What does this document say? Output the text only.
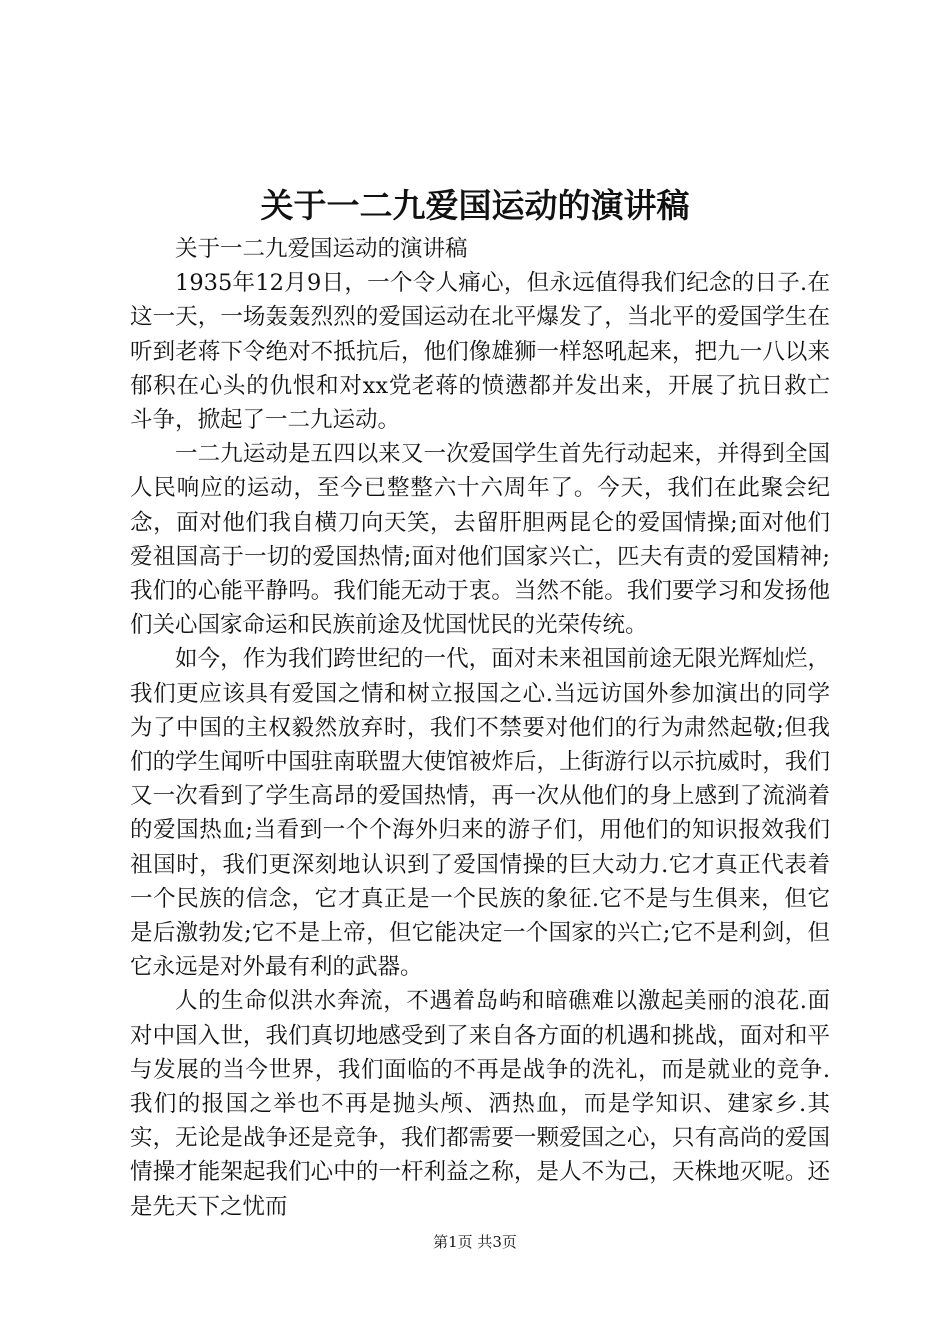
关于一二九爱国运动的演讲稿

关于一二九爱国运动的演讲稿

1935年12月9日，一个令人痛心，但永远值得我们纪念的日子.在这一天，一场轰轰烈烈的爱国运动在北平爆发了，当北平的爱国学生在听到老蒋下令绝对不抵抗后，他们像雄狮一样怒吼起来，把九一八以来郁积在心头的仇恨和对xx党老蒋的愤懑都并发出来，开展了抗日救亡斗争，掀起了一二九运动。

一二九运动是五四以来又一次爱国学生首先行动起来，并得到全国人民响应的运动，至今已整整六十六周年了。今天，我们在此聚会纪念，面对他们我自横刀向天笑，去留肝胆两昆仑的爱国情操;面对他们爱祖国高于一切的爱国热情;面对他们国家兴亡，匹夫有责的爱国精神;我们的心能平静吗。我们能无动于衷。当然不能。我们要学习和发扬他们关心国家命运和民族前途及忧国忧民的光荣传统。

如今，作为我们跨世纪的一代，面对未来祖国前途无限光辉灿烂，我们更应该具有爱国之情和树立报国之心.当远访国外参加演出的同学为了中国的主权毅然放弃时，我们不禁要对他们的行为肃然起敬;但我们的学生闻听中国驻南联盟大使馆被炸后，上街游行以示抗威时，我们又一次看到了学生高昂的爱国热情，再一次从他们的身上感到了流淌着的爱国热血;当看到一个个海外归来的游子们，用他们的知识报效我们祖国时，我们更深刻地认识到了爱国情操的巨大动力.它才真正代表着一个民族的信念，它才真正是一个民族的象征.它不是与生俱来，但它是后激勃发;它不是上帝，但它能决定一个国家的兴亡;它不是利剑，但它永远是对外最有利的武器。

人的生命似洪水奔流，不遇着岛屿和暗礁难以激起美丽的浪花.面对中国入世，我们真切地感受到了来自各方面的机遇和挑战，面对和平与发展的当今世界，我们面临的不再是战争的洗礼，而是就业的竞争.我们的报国之举也不再是抛头颅、洒热血，而是学知识、建家乡.其实，无论是战争还是竞争，我们都需要一颗爱国之心，只有高尚的爱国情操才能架起我们心中的一杆利益之称，是人不为己，天株地灭呢。还是先天下之忧而

第1页 共3页
